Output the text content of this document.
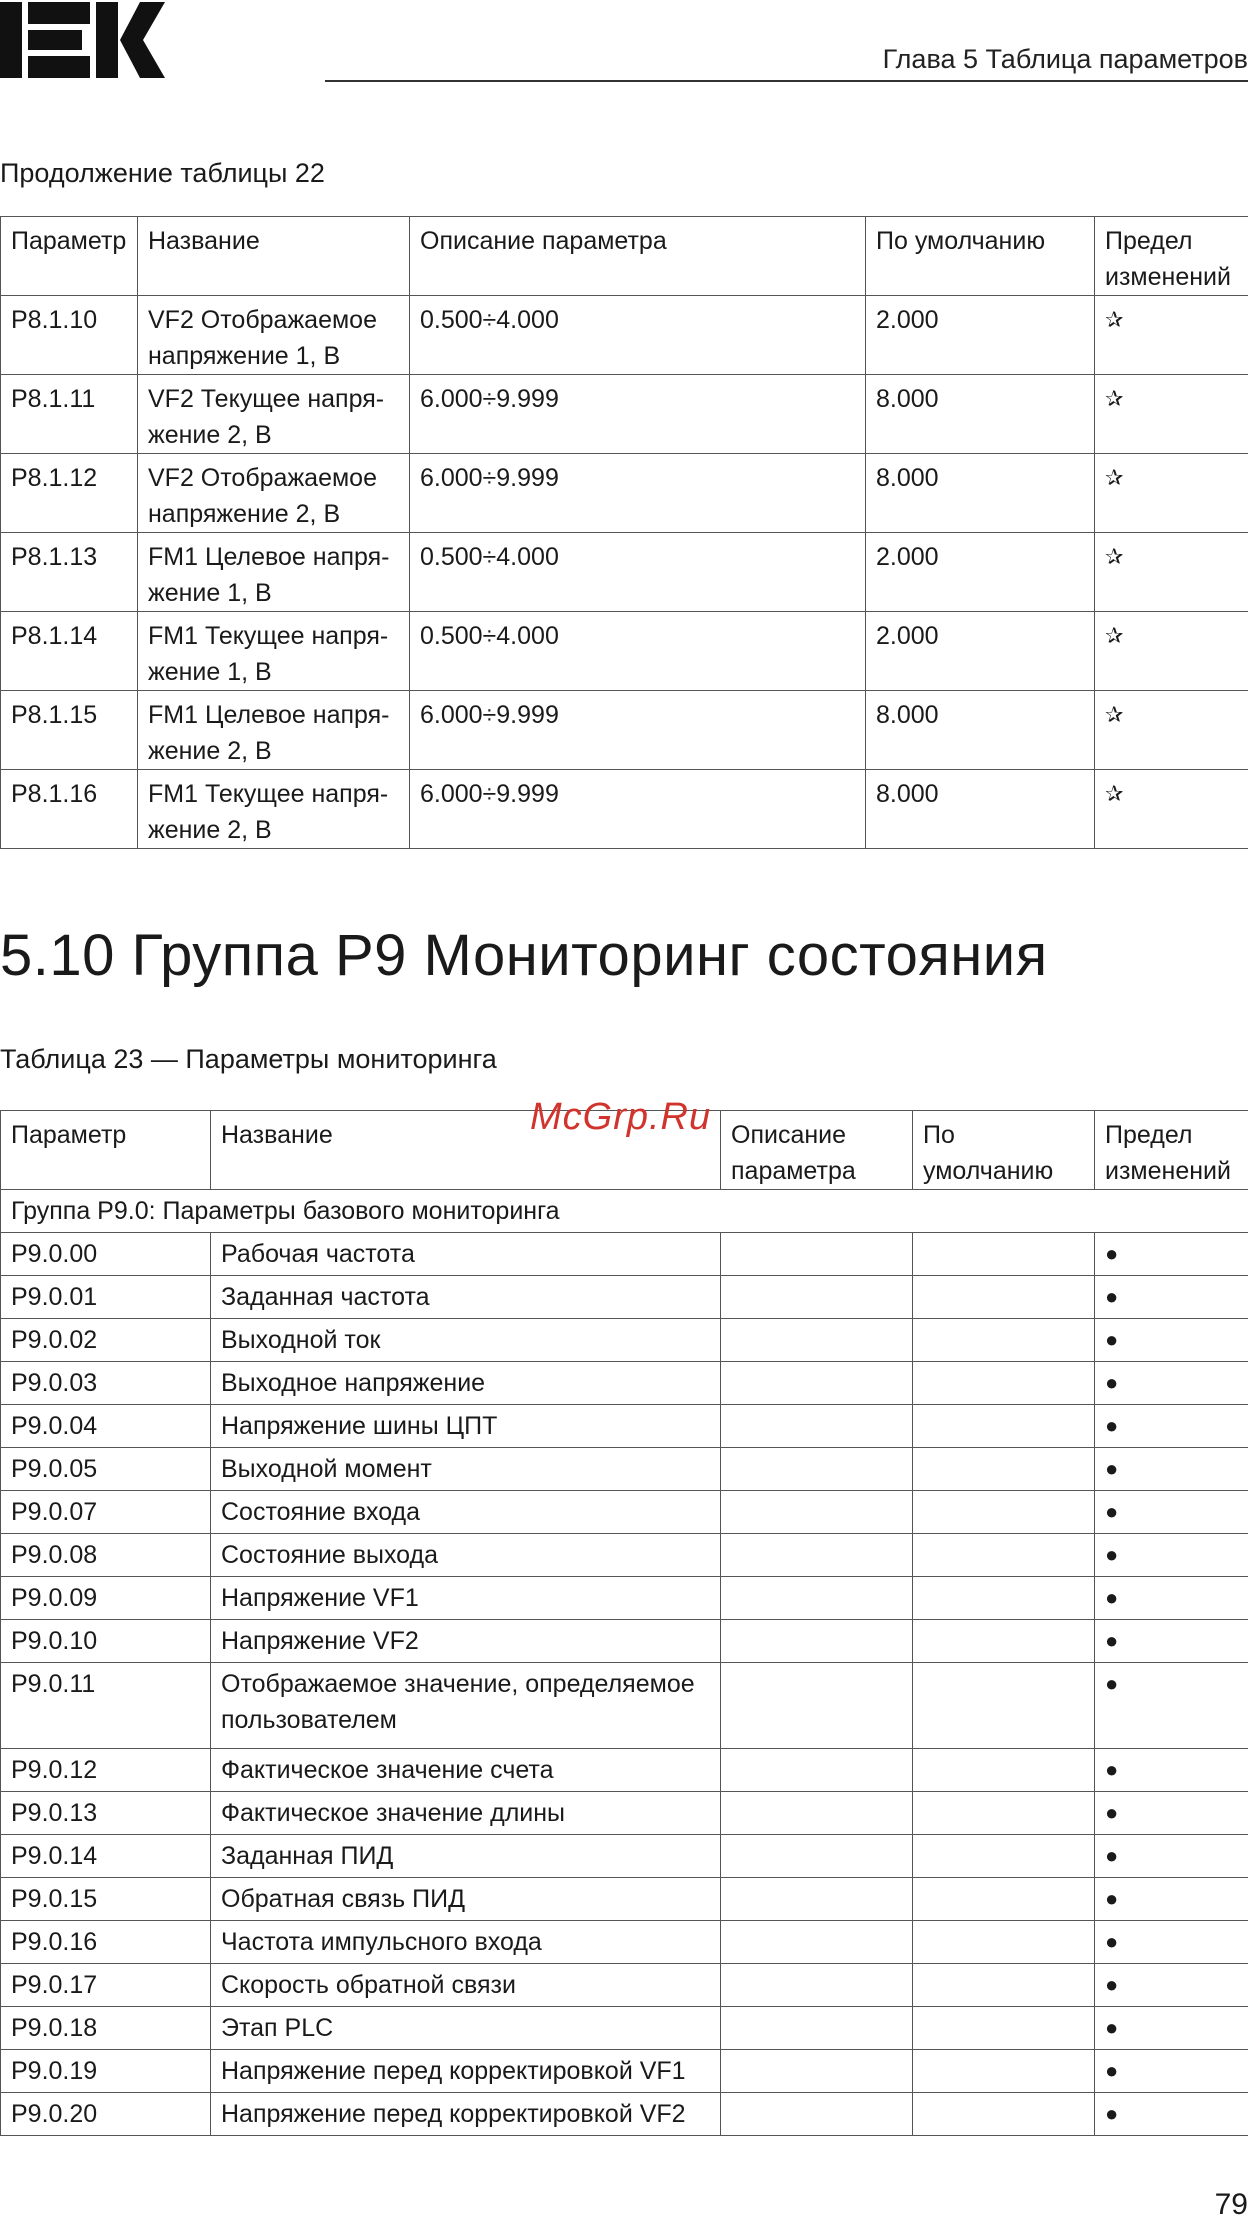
Глава 5 Таблица параметров
Продолжение таблицы 22
Параметр	Название	Описание параметра	По умолчанию	Предел изменений
P8.1.10	VF2 Отображаемое напряжение 1, В	0.500÷4.000	2.000	✰
P8.1.11	VF2 Текущее напря-жение 2, В	6.000÷9.999	8.000	✰
P8.1.12	VF2 Отображаемое напряжение 2, В	6.000÷9.999	8.000	✰
P8.1.13	FM1 Целевое напря-жение 1, В	0.500÷4.000	2.000	✰
P8.1.14	FM1 Текущее напря-жение 1, В	0.500÷4.000	2.000	✰
P8.1.15	FM1 Целевое напря-жение 2, В	6.000÷9.999	8.000	✰
P8.1.16	FM1 Текущее напря-жение 2, В	6.000÷9.999	8.000	✰
5.10 Группа P9 Мониторинг состояния
Таблица 23 — Параметры мониторинга
Параметр	Название	Описание параметра	По умолчанию	Предел изменений
Группа P9.0: Параметры базового мониторинга				
P9.0.00	Рабочая частота			●
P9.0.01	Заданная частота			●
P9.0.02	Выходной ток			●
P9.0.03	Выходное напряжение			●
P9.0.04	Напряжение шины ЦПТ			●
P9.0.05	Выходной момент			●
P9.0.07	Состояние входа			●
P9.0.08	Состояние выхода			●
P9.0.09	Напряжение VF1			●
P9.0.10	Напряжение VF2			●
P9.0.11	Отображаемое значение, определяемое пользователем			●
P9.0.12	Фактическое значение счета			●
P9.0.13	Фактическое значение длины			●
P9.0.14	Заданная ПИД			●
P9.0.15	Обратная связь ПИД			●
P9.0.16	Частота импульсного входа			●
P9.0.17	Скорость обратной связи			●
P9.0.18	Этап PLC			●
P9.0.19	Напряжение перед корректировкой VF1			●
P9.0.20	Напряжение перед корректировкой VF2			●
McGrp.Ru
79
